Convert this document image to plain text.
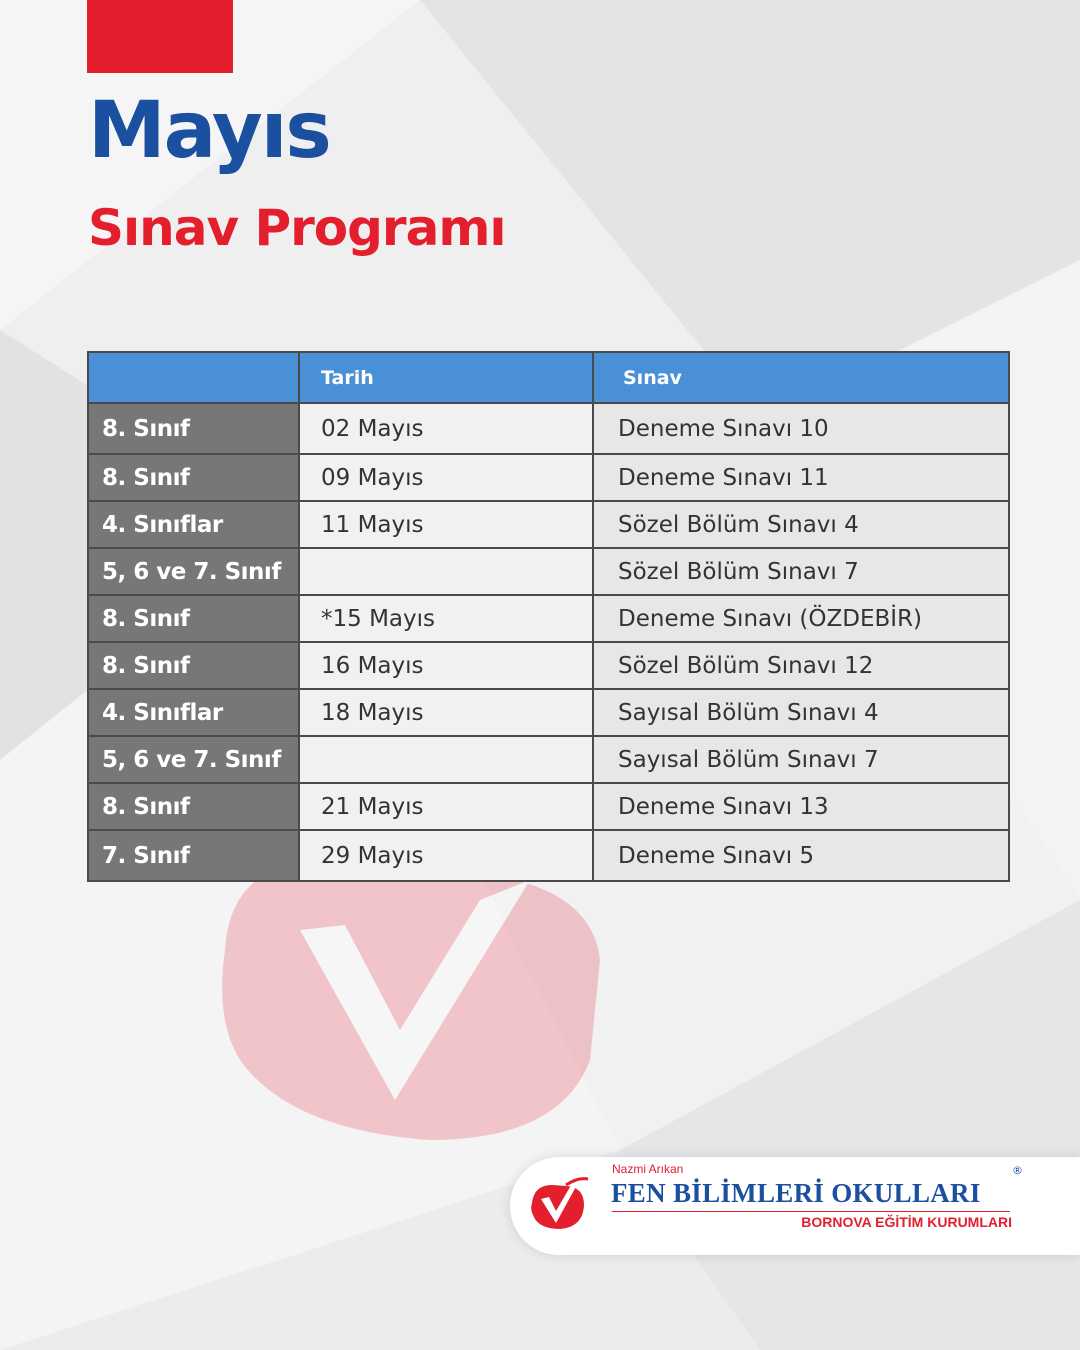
Mayıs
Sınav Programı
	Tarih	Sınav
8. Sınıf	02 Mayıs	Deneme Sınavı 10
8. Sınıf	09 Mayıs	Deneme Sınavı 11
4. Sınıflar	11 Mayıs	Sözel Bölüm Sınavı 4
5, 6 ve 7. Sınıf		Sözel Bölüm Sınavı 7
8. Sınıf	*15 Mayıs	Deneme Sınavı (ÖZDEBİR)
8. Sınıf	16 Mayıs	Sözel Bölüm Sınavı 12
4. Sınıflar	18 Mayıs	Sayısal Bölüm Sınavı 4
5, 6 ve 7. Sınıf		Sayısal Bölüm Sınavı 7
8. Sınıf	21 Mayıs	Deneme Sınavı 13
7. Sınıf	29 Mayıs	Deneme Sınavı 5
Nazmi Arıkan
FEN BİLİMLERİ OKULLARI
®
BORNOVA EĞİTİM KURUMLARI
